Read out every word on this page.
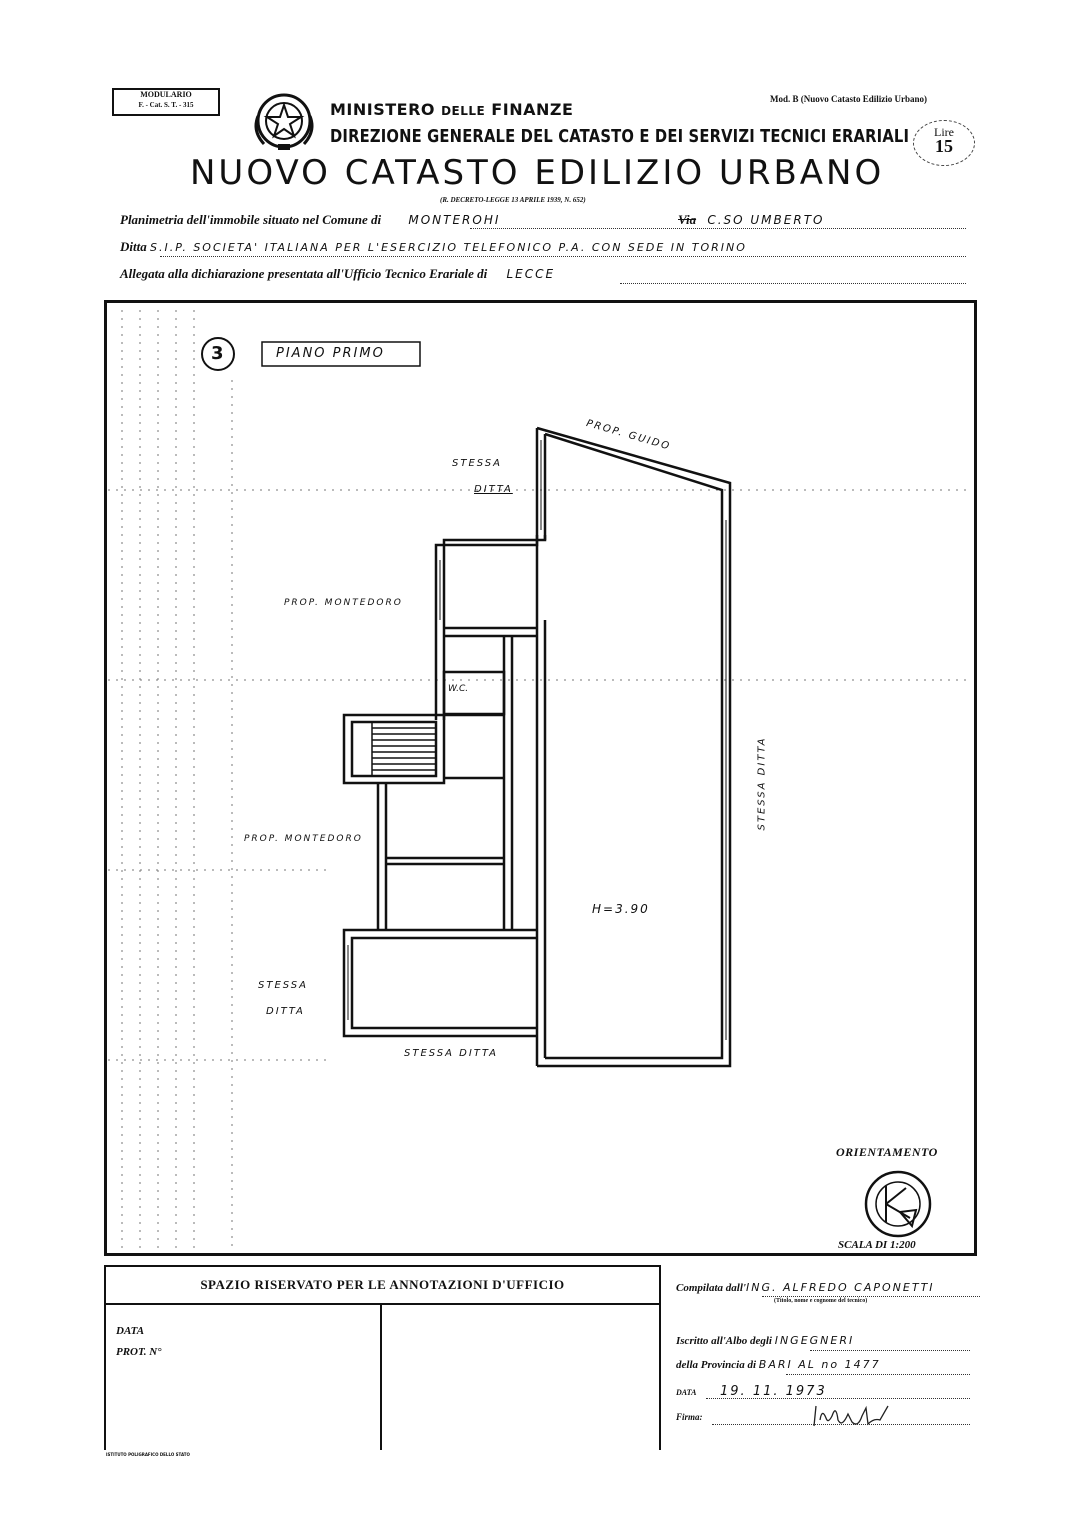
MODULARIO
F. - Cat. S. T. - 315	MINISTERO DELLE FINANZE
DIREZIONE GENERALE DEL CATASTO E DEI SERVIZI TECNICI ERARIALI
NUOVO CATASTO EDILIZIO URBANO
(R. DECRETO-LEGGE 13 APRILE 1939, N. 652)
Mod. B (Nuovo Catasto Edilizio Urbano)
Lire
15
Planimetria dell'immobile situato nel Comune di MONTEROHI	Via C.SO UMBERTO
Ditta S.I.P. SOCIETA' ITALIANA PER L'ESERCIZIO TELEFONICO P.A. CON SEDE IN TORINO
Allegata alla dichiarazione presentata all'Ufficio Tecnico Erariale di LECCE
3	PIANO PRIMO
PROP. GUIDO
STESSA
DITTA
PROP. MONTEDORO
W.C.
STESSA DITTA
PROP. MONTEDORO
H=3.90
STESSA
DITTA
STESSA DITTA
ORIENTAMENTO
SCALA DI 1:200
SPAZIO RISERVATO PER LE ANNOTAZIONI D'UFFICIO
DATA
PROT. N°
Compilata dall'ING. ALFREDO CAPONETTI
(Titolo, nome e cognome del tecnico)
Iscritto all'Albo degli INGEGNERI
della Provincia di BARI AL no 1477
DATA 19. 11. 1973
Firma:
ISTITUTO POLIGRAFICO DELLO STATO
